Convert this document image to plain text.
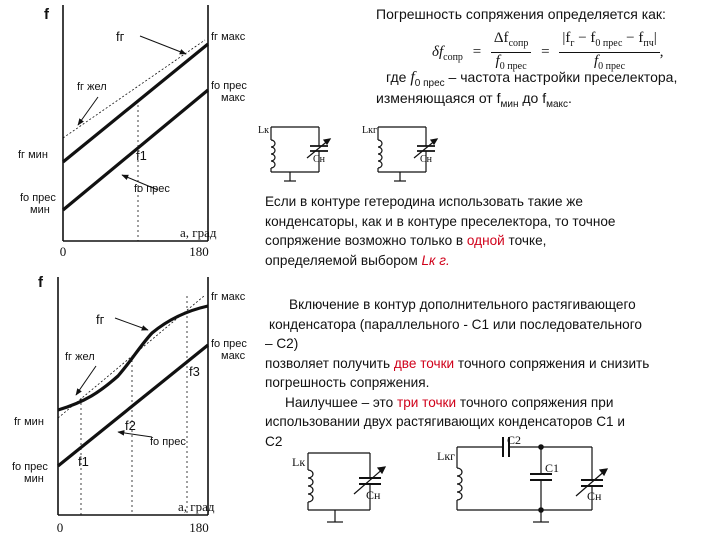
f
fг	fг макс
fг жел
fг мин
fо прес
макс
f1
fо прес
fо прес
мин
a, град
0	180
f
fг
fг макс
fг жел
fг мин
fо прес
макс
f3
f2
fо прес
f1
fо прес
мин
a, град
0	180
Lк
Сн
Lкг
Сн
Lк
Сн
Lкг
C2
C1
Сн
Погрешность сопряжения определяется как:
$\delta f_{сопр} = \frac{\Delta f_{сопр}}{f_{0 прес}} = \frac{|f_г - f_{0 прес} - f_{пч}|}{f_{0 прес}}$ ,
где $f_{0 прес}$ – частота настройки преселектора,
изменяющаяся от $f_{мин}$ до $f_{макс}$.
Если в контуре гетеродина использовать такие же
конденсаторы, как и в контуре преселектора, то точное
сопряжение возможно только в одной точке,
определяемой выбором Lк г.
Включение в контур дополнительного растягивающего
конденсатора (параллельного - С1 или последовательного
– С2)
позволяет получить две точки точного сопряжения и снизить
погрешность сопряжения.
Наилучшее – это три точки точного сопряжения при
использовании двух растягивающих конденсаторов С1 и
С2
